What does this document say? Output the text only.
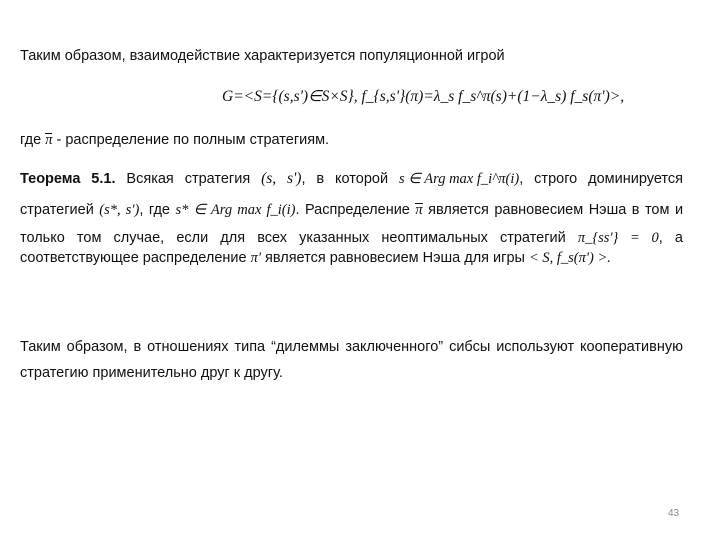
Таким образом, взаимодействие характеризуется популяционной игрой
G=<S={(s,s')∈S×S}, f_{s,s'}(π)=λ_s f_s^π(s)+(1−λ_s) f_s(π')>,
где π - распределение по полным стратегиям.
Теорема 5.1. Всякая стратегия (s, s'), в которой s ∈ Arg max f_i^π(i), строго доминируется
стратегией (s*, s'), где s* ∈ Arg max f_i(i). Распределение π является равновесием Нэша в том и
только том случае, если для всех указанных неоптимальных стратегий π_{ss'} = 0, а
соответствующее распределение π' является равновесием Нэша для игры < S, f_s(π') >.
Таким образом, в отношениях типа “дилеммы заключенного” сибсы используют кооперативную
стратегию применительно друг к другу.
43
